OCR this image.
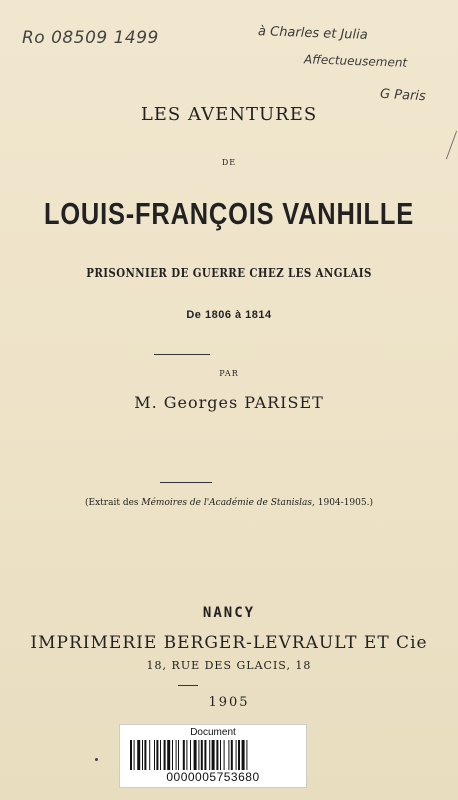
Ro 08509 1499	à Charles et Julia
Affectueusement
G Paris
LES AVENTURES
DE
LOUIS-FRANÇOIS VANHILLE
PRISONNIER DE GUERRE CHEZ LES ANGLAIS
De 1806 à 1814
PAR
M. Georges PARISET
(Extrait des Mémoires de l'Académie de Stanislas, 1904-1905.)
NANCY
IMPRIMERIE BERGER-LEVRAULT ET Cie
18, RUE DES GLACIS, 18
1905
Document
0000005753680
